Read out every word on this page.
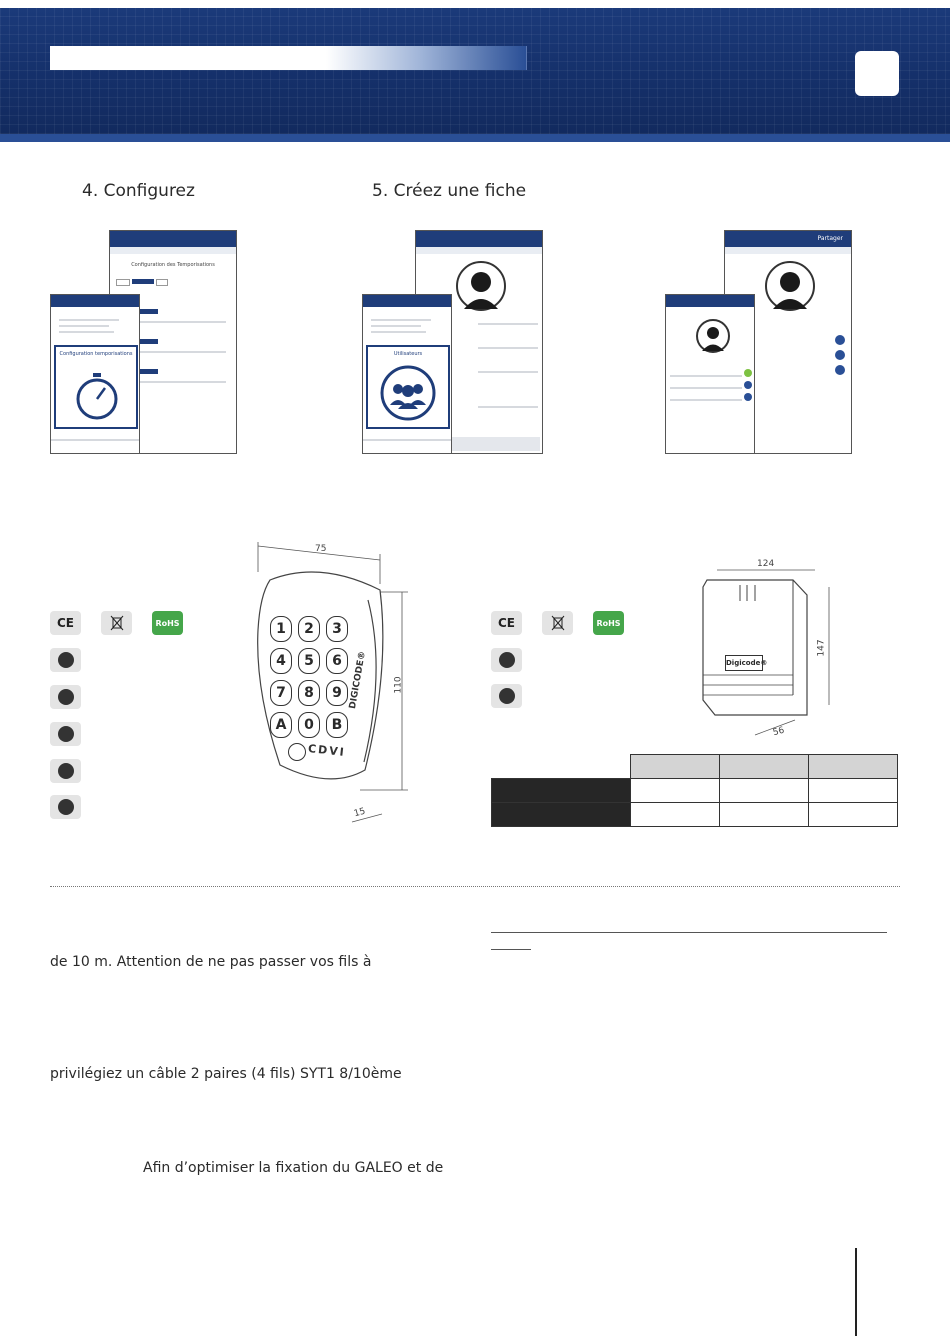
4. Configurez	5. Créez une fiche
Configuration des Temporisations
Configuration temporisations	Utilisateurs
Partager
CE	RoHS
75
110
15
1	2	3
4	5	6
7	8	9
A	0	B
CDVI
DIGICODE®
CE	RoHS
124
147
56
Digicode®

de 10 m. Attention de ne pas passer vos fils à
privilégiez un câble 2 paires (4 fils) SYT1 8/10ème
Afin d’optimiser la fixation du GALEO et de
